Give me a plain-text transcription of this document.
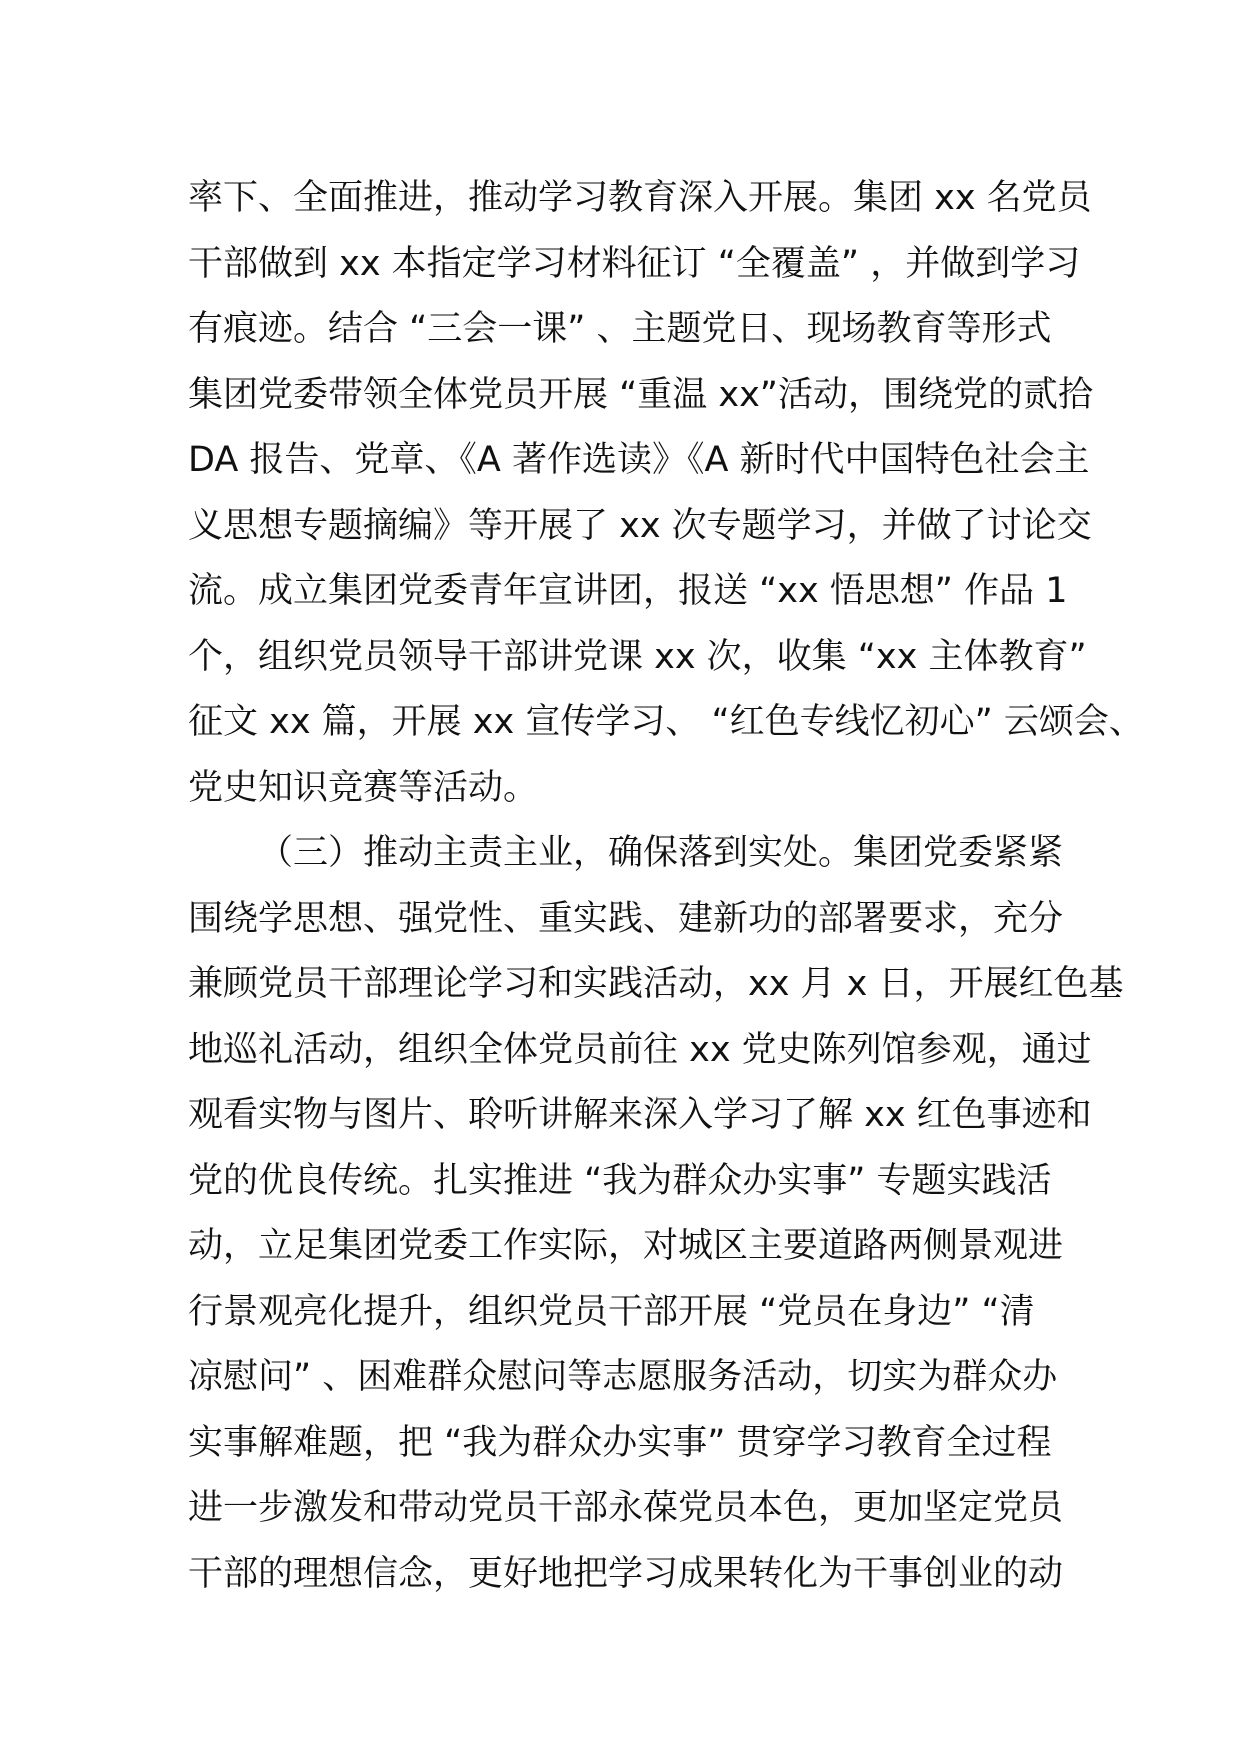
率下、全面推进，推动学习教育深入开展。集团 xx 名党员
干部做到 xx 本指定学习材料征订 “全覆盖” ，并做到学习
有痕迹。结合 “三会一课” 、主题党日、现场教育等形式
集团党委带领全体党员开展 “重温 xx”活动，围绕党的贰拾
DA 报告、党章、《A 著作选读》《A 新时代中国特色社会主
义思想专题摘编》等开展了 xx 次专题学习，并做了讨论交
流。成立集团党委青年宣讲团，报送 “xx 悟思想” 作品 1
个，组织党员领导干部讲党课 xx 次，收集 “xx 主体教育”
征文 xx 篇，开展 xx 宣传学习、 “红色专线忆初心” 云颂会、
党史知识竞赛等活动。
（三）推动主责主业，确保落到实处。集团党委紧紧
围绕学思想、强党性、重实践、建新功的部署要求，充分
兼顾党员干部理论学习和实践活动，xx 月 x 日，开展红色基
地巡礼活动，组织全体党员前往 xx 党史陈列馆参观，通过
观看实物与图片、聆听讲解来深入学习了解 xx 红色事迹和
党的优良传统。扎实推进 “我为群众办实事” 专题实践活
动，立足集团党委工作实际，对城区主要道路两侧景观进
行景观亮化提升，组织党员干部开展 “党员在身边” “清
凉慰问” 、困难群众慰问等志愿服务活动，切实为群众办
实事解难题，把 “我为群众办实事” 贯穿学习教育全过程
进一步激发和带动党员干部永葆党员本色，更加坚定党员
干部的理想信念，更好地把学习成果转化为干事创业的动
